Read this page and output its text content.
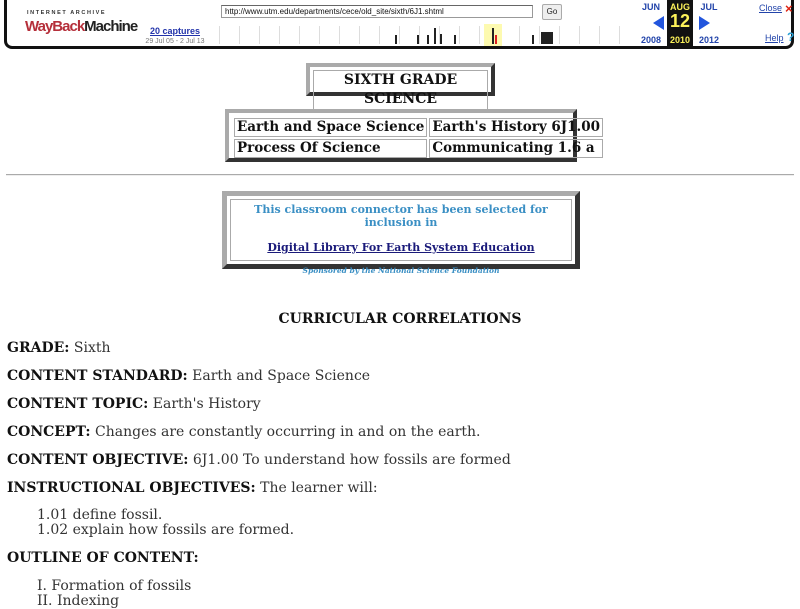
INTERNET ARCHIVE
WayBackMachine	20 captures
29 Jul 05 - 2 Jul 13
http://www.utm.edu/departments/cece/old_site/sixth/6J1.shtml	Go	JUN
2008
AUG
12
2010
JUL
2012
Close ×
Help ?
SIXTH GRADE SCIENCE
Earth and Space Science	Earth's History 6J1.00
Process Of Science	Communicating 1.6 a
This classroom connector has been selected for inclusion in
Digital Library For Earth System Education
Sponsored by the National Science Foundation
CURRICULAR CORRELATIONS
GRADE: Sixth
CONTENT STANDARD: Earth and Space Science
CONTENT TOPIC: Earth's History
CONCEPT: Changes are constantly occurring in and on the earth.
CONTENT OBJECTIVE: 6J1.00 To understand how fossils are formed
INSTRUCTIONAL OBJECTIVES: The learner will:
1.01 define fossil.
1.02 explain how fossils are formed.
OUTLINE OF CONTENT:
I. Formation of fossils
II. Indexing
